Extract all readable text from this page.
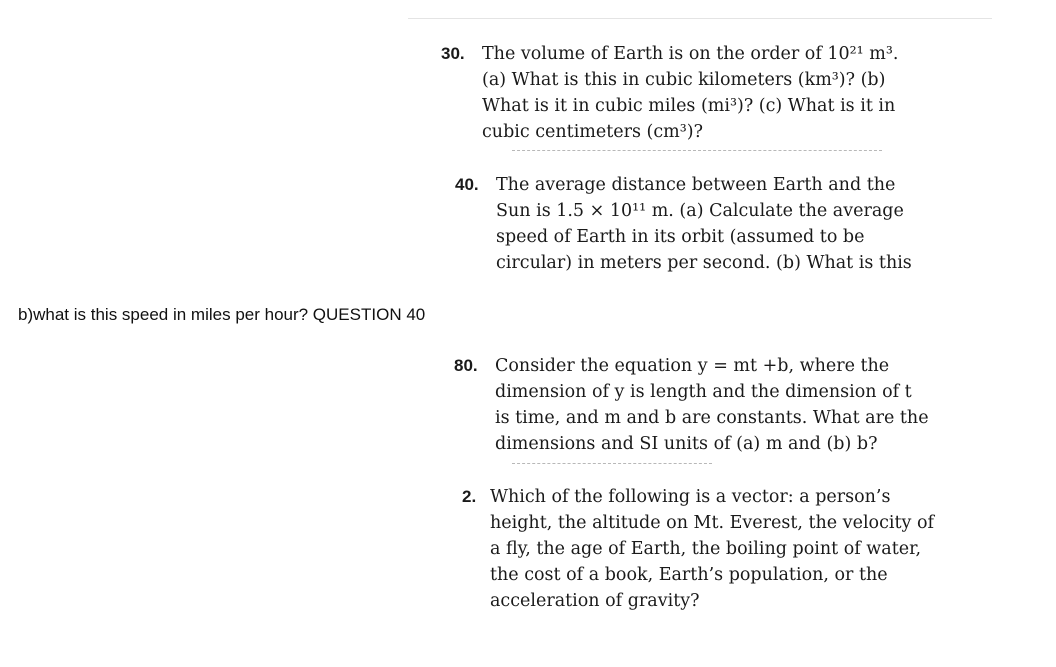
30. The volume of Earth is on the order of 10²¹ m³.
(a) What is this in cubic kilometers (km³)? (b)
What is it in cubic miles (mi³)? (c) What is it in
cubic centimeters (cm³)?
40. The average distance between Earth and the
Sun is 1.5 × 10¹¹ m. (a) Calculate the average
speed of Earth in its orbit (assumed to be
circular) in meters per second. (b) What is this
b)what is this speed in miles per hour? QUESTION 40
80. Consider the equation y = mt +b, where the
dimension of y is length and the dimension of t
is time, and m and b are constants. What are the
dimensions and SI units of (a) m and (b) b?
2. Which of the following is a vector: a person’s
height, the altitude on Mt. Everest, the velocity of
a fly, the age of Earth, the boiling point of water,
the cost of a book, Earth’s population, or the
acceleration of gravity?
